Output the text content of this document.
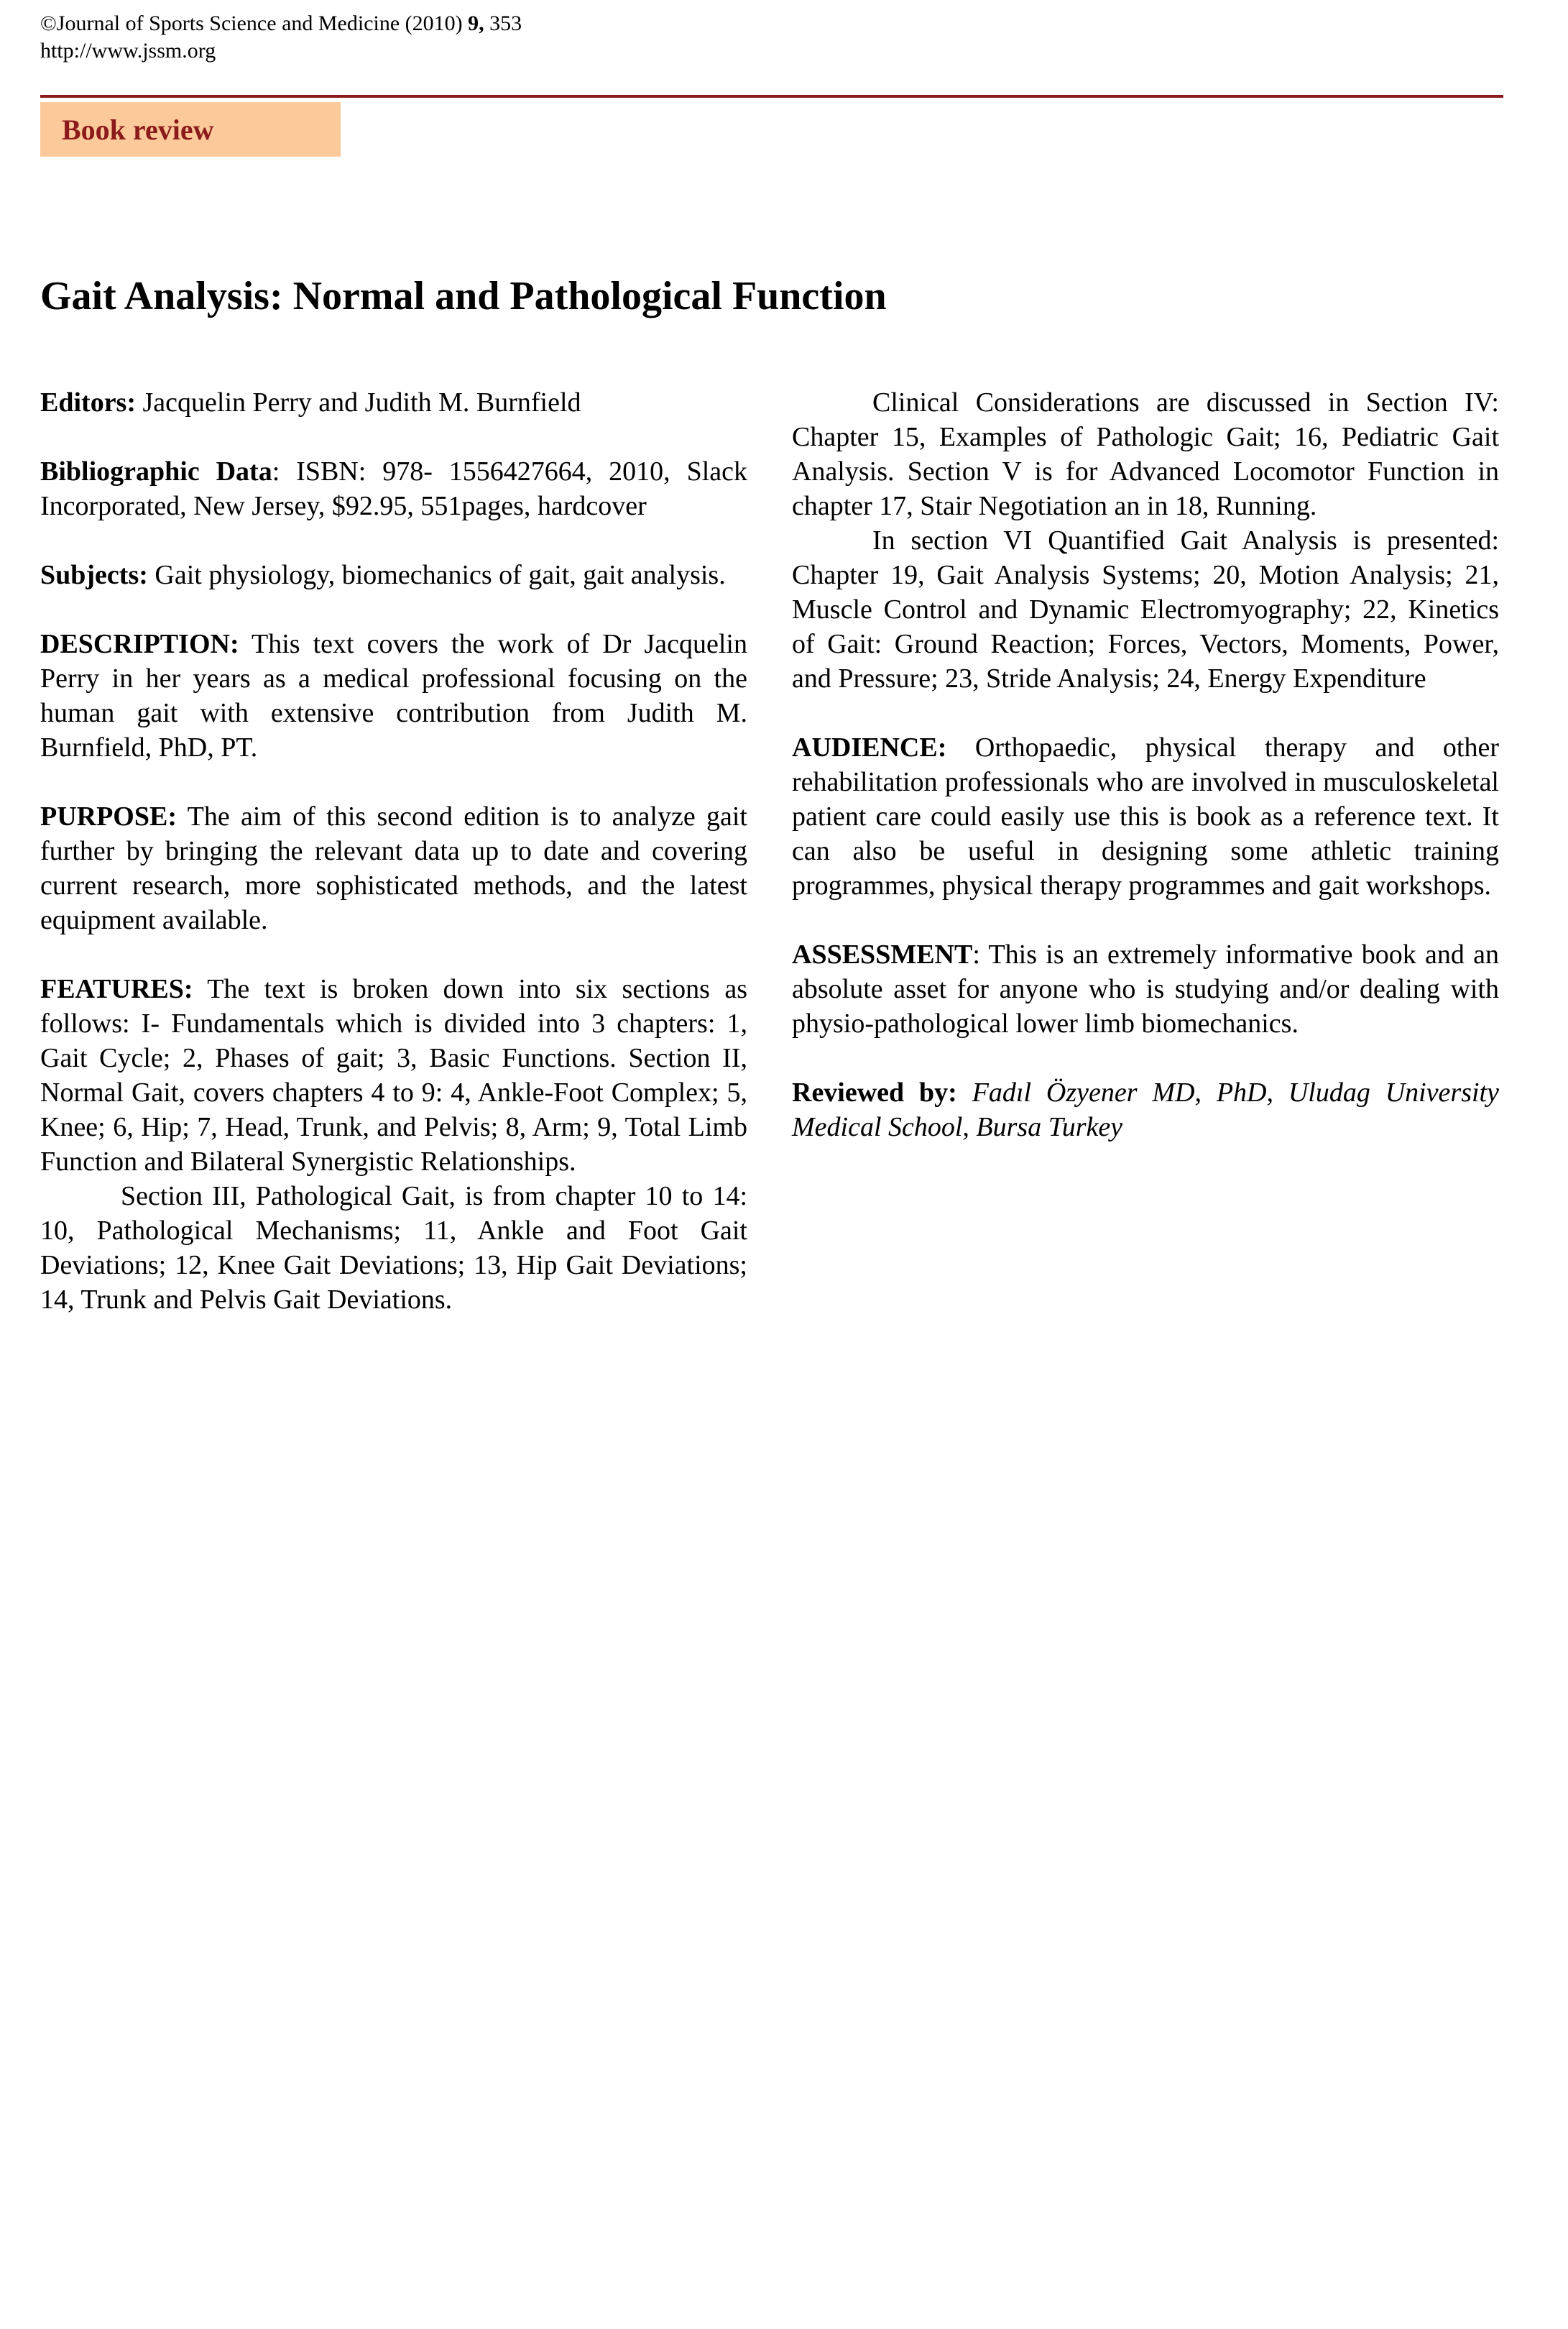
©Journal of Sports Science and Medicine (2010) 9, 353
http://www.jssm.org
Book review
Gait Analysis: Normal and Pathological Function

Editors: Jacquelin Perry and Judith M. Burnfield

Bibliographic Data: ISBN: 978- 1556427664, 2010, Slack Incorporated, New Jersey, $92.95, 551pages, hardcover

Subjects: Gait physiology, biomechanics of gait, gait analysis.

DESCRIPTION: This text covers the work of Dr Jacquelin Perry in her years as a medical professional focusing on the human gait with extensive contribution from Judith M. Burnfield, PhD, PT.

PURPOSE: The aim of this second edition is to analyze gait further by bringing the relevant data up to date and covering current research, more sophisticated methods, and the latest equipment available.

FEATURES: The text is broken down into six sections as follows: I- Fundamentals which is divided into 3 chapters: 1, Gait Cycle; 2, Phases of gait; 3, Basic Functions. Section II, Normal Gait, covers chapters 4 to 9: 4, Ankle-Foot Complex; 5, Knee; 6, Hip; 7, Head, Trunk, and Pelvis; 8, Arm; 9, Total Limb Function and Bilateral Synergistic Relationships.

Section III, Pathological Gait, is from chapter 10 to 14: 10, Pathological Mechanisms; 11, Ankle and Foot Gait Deviations; 12, Knee Gait Deviations; 13, Hip Gait Deviations; 14, Trunk and Pelvis Gait Deviations.

Clinical Considerations are discussed in Section IV: Chapter 15, Examples of Pathologic Gait; 16, Pediatric Gait Analysis. Section V is for Advanced Locomotor Function in chapter 17, Stair Negotiation an in 18, Running.

In section VI Quantified Gait Analysis is presented: Chapter 19, Gait Analysis Systems; 20, Motion Analysis; 21, Muscle Control and Dynamic Electromyography; 22, Kinetics of Gait: Ground Reaction; Forces, Vectors, Moments, Power, and Pressure; 23, Stride Analysis; 24, Energy Expenditure

AUDIENCE: Orthopaedic, physical therapy and other rehabilitation professionals who are involved in musculoskeletal patient care could easily use this is book as a reference text. It can also be useful in designing some athletic training programmes, physical therapy programmes and gait workshops.

ASSESSMENT: This is an extremely informative book and an absolute asset for anyone who is studying and/or dealing with physio-pathological lower limb biomechanics.

Reviewed by: Fadıl Özyener MD, PhD, Uludag University Medical School, Bursa Turkey
